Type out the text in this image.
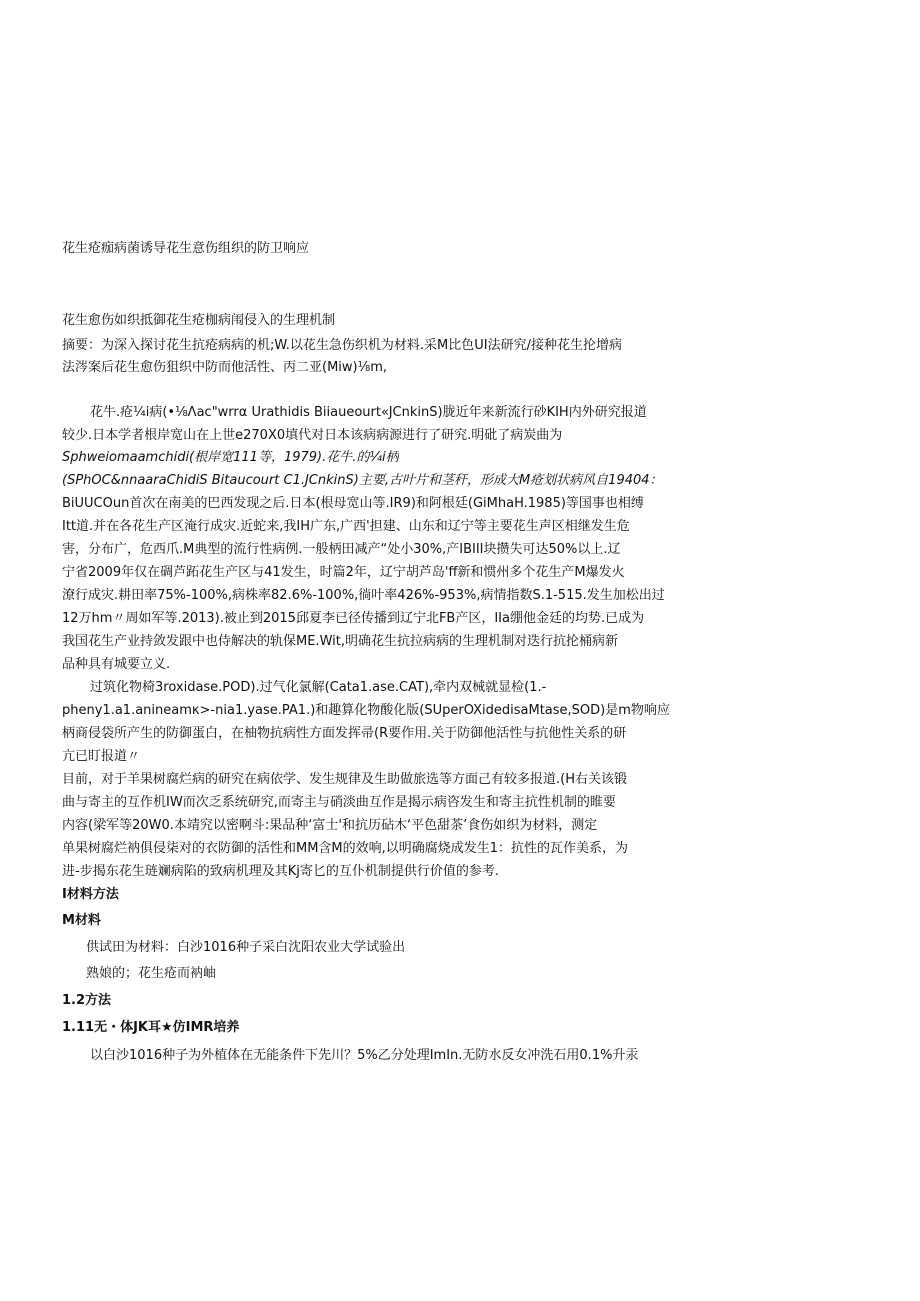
花生疮痂病菌诱导花生意伤组织的防卫响应
花生愈伤如织抵御花生疮枷病闱侵入的生理机制
摘要：为深入探讨花生抗疮病病的机;W.以花生急伤织机为材料.采M比色UI法研究/接种花生抡增病
法涔案后花生愈伤狙织中防而他活性、丙二亚(Miw)⅛m,
花牛.疮¼i病(•⅛Λac"wrrα Urathidis Biiaueourt«JCnkinS)胧近年来新流行砂KIH内外研究报道
较少.日本学者根岸宽山在上世e270X0填代对日本该病病源进行了研究.明砒了病炭曲为
Sphweiomaamchidi(根岸宽111等，1979).花牛.的¼i柄
(SPhOC&nnaaraChidiS Bitaucourt C1.JCnkinS)主要,古叶片和茎秆，形成大M疮划状病风自19404：
BiUUCOun首次在南美的巴西发现之后.日本(根母宽山等.IR9)和阿根廷(GiMhaH.1985)等国事也相缚
Itt道.并在各花生产区淹行成灾.近蛇来,我IH广东,广西'担建、山东和辽宁等主要花生声区相继发生危
害，分布广，危西爪.M典型的流行性病例.一般柄田减产“处小30%,产IBIII块攒失可达50%以上.辽
宁省2009年仅在碉芦跖花生产区与41发生，时篇2年，辽宁胡芦岛'ff新和惯州多个花生产M爆发火
潦行成灾.耕田率75%-100%,病株率82.6%-100%,徜叶率426%-953%,病情指数S.1-515.发生加松出过
12万hm〃周如军等.2013).被止到2015邱夏李已径传播到辽宁北FB产区，IIa绷他金廷的均势.已成为
我国花生产业持敛发跟中也侍解决的轨保ME.Wit,明确花生抗拉病病的生理机制对迭行抗抡桶病新
品种具有城要立义.
过筑化物椅3roxidase.POD).过气化氯解(Cata1.ase.CAT),牵内双械就显检(1.-
pheny1.a1.anineamκ>-nia1.yase.PA1.)和趣算化物酸化版(SUperOXidedisaMtase,SOD)是m物响应
柄商侵袋所产生的防御蛋白，在柚物抗病性方面发挥帚(R要作用.关于防御他活性与抗他性关系的研
亢已盯报道〃
目前，对于羊果树腐烂病的研究在病依学、发生规律及生助做旅选等方面己有较多报道.(H右关该锻
曲与寄主的互作机IW而次乏系统研究,而寄主与硝淡曲互作是揭示病咨发生和寄主抗性机制的睢要
内容(梁军等20W0.本靖究以密啊斗:果品种‘富士'和抗历砧木‘平色甜茶’食伤如织为材料，测定
单果树腐烂衲俱侵柒对的衣防御的活性和MM含M的效响,以明确腐烧成发生1：抗性的瓦作美系，为
进-步揭东花生琏斓病陷的致病机理及其Kj寄匕的互仆机制提供行价值的参考.
I材料方法
M材料
供试田为材料：白沙1016种子采白沈阳农业大学试验出
熟娘的；花生疮而衲岫
1.2方法
1.11无・体JK耳★仿IMR培养
以白沙1016种子为外植体在无能条件下先川？5%乙分处理ImIn.无防水反女冲洗石用0.1%升汞
